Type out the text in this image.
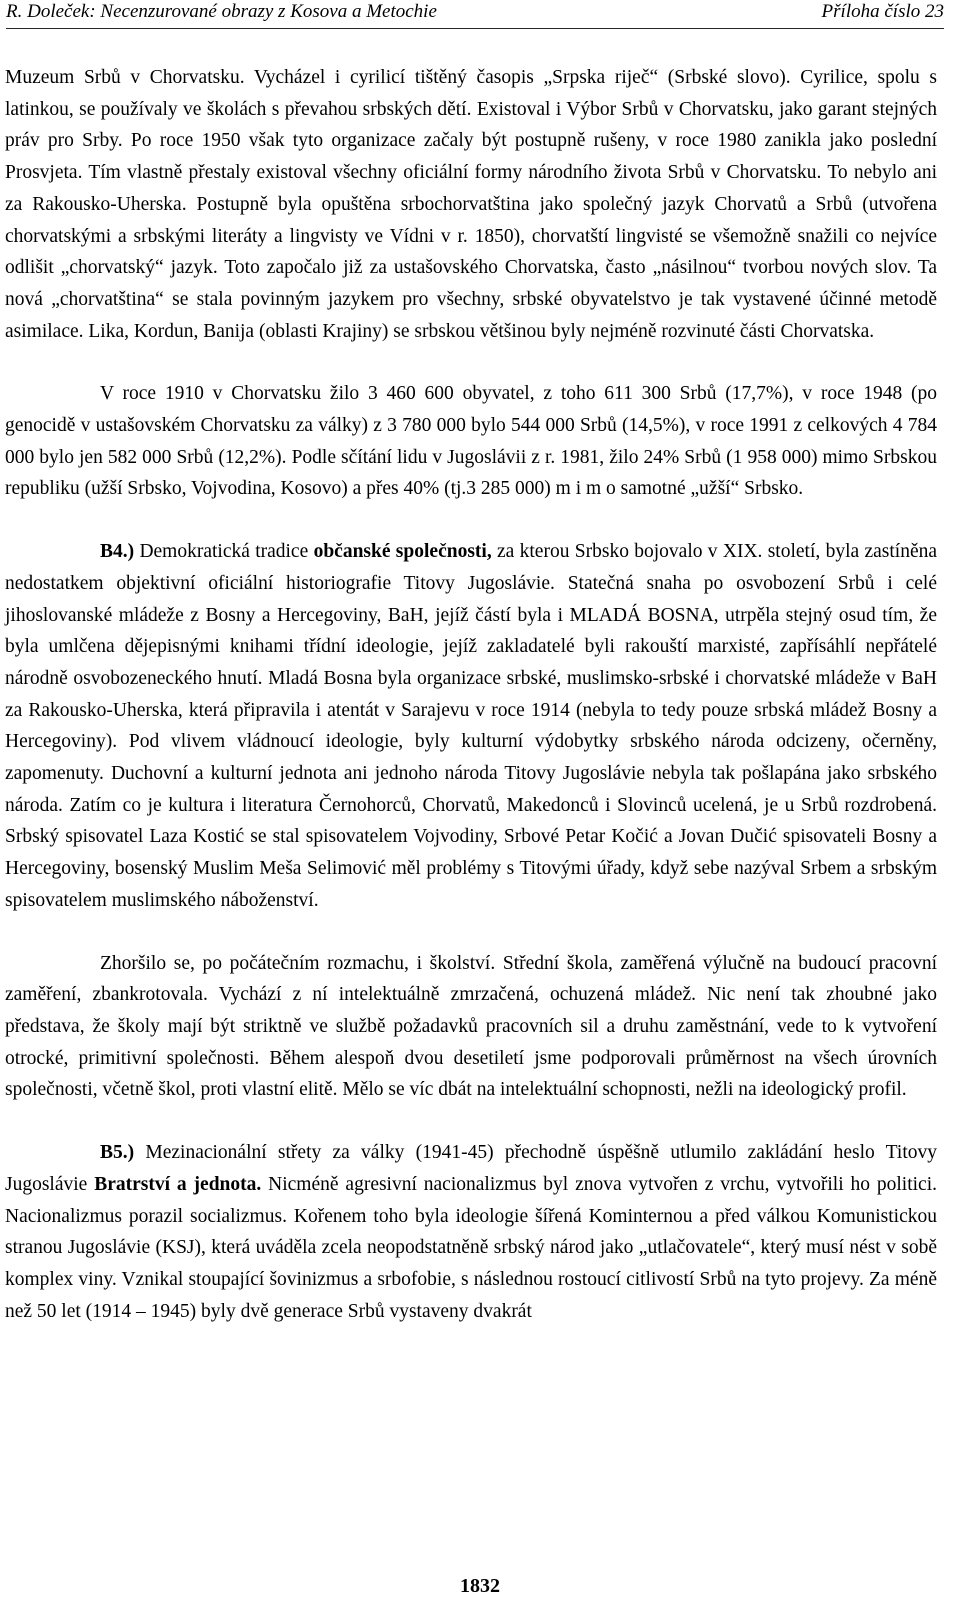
R. Doleček: Necenzurované obrazy z Kosova a Metochie	Příloha číslo 23

Muzeum Srbů v Chorvatsku. Vycházel i cyrilicí tištěný časopis „Srpska riječ“ (Srbské slovo). Cyrilice, spolu s latinkou, se používaly ve školách s převahou srbských dětí. Existoval i Výbor Srbů v Chorvatsku, jako garant stejných práv pro Srby. Po roce 1950 však tyto organizace začaly být postupně rušeny, v roce 1980 zanikla jako poslední Prosvjeta. Tím vlastně přestaly existoval všechny oficiální formy národního života Srbů v Chorvatsku. To nebylo ani za Rakousko-Uherska. Postupně byla opuštěna srbochorvatština jako společný jazyk Chorvatů a Srbů (utvořena chorvatskými a srbskými literáty a lingvisty ve Vídni v r. 1850), chorvatští lingvisté se všemožně snažili co nejvíce odlišit „chorvatský“ jazyk. Toto započalo již za ustašovského Chorvatska, často „násilnou“ tvorbou nových slov. Ta nová „chorvatština“ se stala povinným jazykem pro všechny, srbské obyvatelstvo je tak vystavené účinné metodě asimilace. Lika, Kordun, Banija (oblasti Krajiny) se srbskou většinou byly nejméně rozvinuté části Chorvatska.

V roce 1910 v Chorvatsku žilo 3 460 600 obyvatel, z toho 611 300 Srbů (17,7%), v roce 1948 (po genocidě v ustašovském Chorvatsku za války) z 3 780 000 bylo 544 000 Srbů (14,5%), v roce 1991 z celkových 4 784 000 bylo jen 582 000 Srbů (12,2%). Podle sčítání lidu v Jugoslávii z r. 1981, žilo 24% Srbů (1 958 000) mimo Srbskou republiku (užší Srbsko, Vojvodina, Kosovo) a přes 40% (tj.3 285 000) m i m o samotné „užší“ Srbsko.

B4.) Demokratická tradice občanské společnosti, za kterou Srbsko bojovalo v XIX. století, byla zastíněna nedostatkem objektivní oficiální historiografie Titovy Jugoslávie. Statečná snaha po osvobození Srbů i celé jihoslovanské mládeže z Bosny a Hercegoviny, BaH, jejíž částí byla i MLADÁ BOSNA, utrpěla stejný osud tím, že byla umlčena dějepisnými knihami třídní ideologie, jejíž zakladatelé byli rakouští marxisté, zapřísáhlí nepřátelé národně osvobozeneckého hnutí. Mladá Bosna byla organizace srbské, muslimsko-srbské i chorvatské mládeže v BaH za Rakousko-Uherska, která připravila i atentát v Sarajevu v roce 1914 (nebyla to tedy pouze srbská mládež Bosny a Hercegoviny). Pod vlivem vládnoucí ideologie, byly kulturní výdobytky srbského národa odcizeny, očerněny, zapomenuty. Duchovní a kulturní jednota ani jednoho národa Titovy Jugoslávie nebyla tak pošlapána jako srbského národa. Zatím co je kultura i literatura Černohorců, Chorvatů, Makedonců i Slovinců ucelená, je u Srbů rozdrobená. Srbský spisovatel Laza Kostić se stal spisovatelem Vojvodiny, Srbové Petar Kočić a Jovan Dučić spisovateli Bosny a Hercegoviny, bosenský Muslim Meša Selimović měl problémy s Titovými úřady, když sebe nazýval Srbem a srbským spisovatelem muslimského náboženství.

Zhoršilo se, po počátečním rozmachu, i školství. Střední škola, zaměřená výlučně na budoucí pracovní zaměření, zbankrotovala. Vychází z ní intelektuálně zmrzačená, ochuzená mládež. Nic není tak zhoubné jako představa, že školy mají být striktně ve službě požadavků pracovních sil a druhu zaměstnání, vede to k vytvoření otrocké, primitivní společnosti. Během alespoň dvou desetiletí jsme podporovali průměrnost na všech úrovních společnosti, včetně škol, proti vlastní elitě. Mělo se víc dbát na intelektuální schopnosti, nežli na ideologický profil.

B5.) Mezinacionální střety za války (1941-45) přechodně úspěšně utlumilo zakládání heslo Titovy Jugoslávie Bratrství a jednota. Nicméně agresivní nacionalizmus byl znova vytvořen z vrchu, vytvořili ho politici. Nacionalizmus porazil socializmus. Kořenem toho byla ideologie šířená Kominternou a před válkou Komunistickou stranou Jugoslávie (KSJ), která uváděla zcela neopodstatněně srbský národ jako „utlačovatele“, který musí nést v sobě komplex viny. Vznikal stoupající šovinizmus a srbofobie, s následnou rostoucí citlivostí Srbů na tyto projevy. Za méně než 50 let (1914 – 1945) byly dvě generace Srbů vystaveny dvakrát

1832
